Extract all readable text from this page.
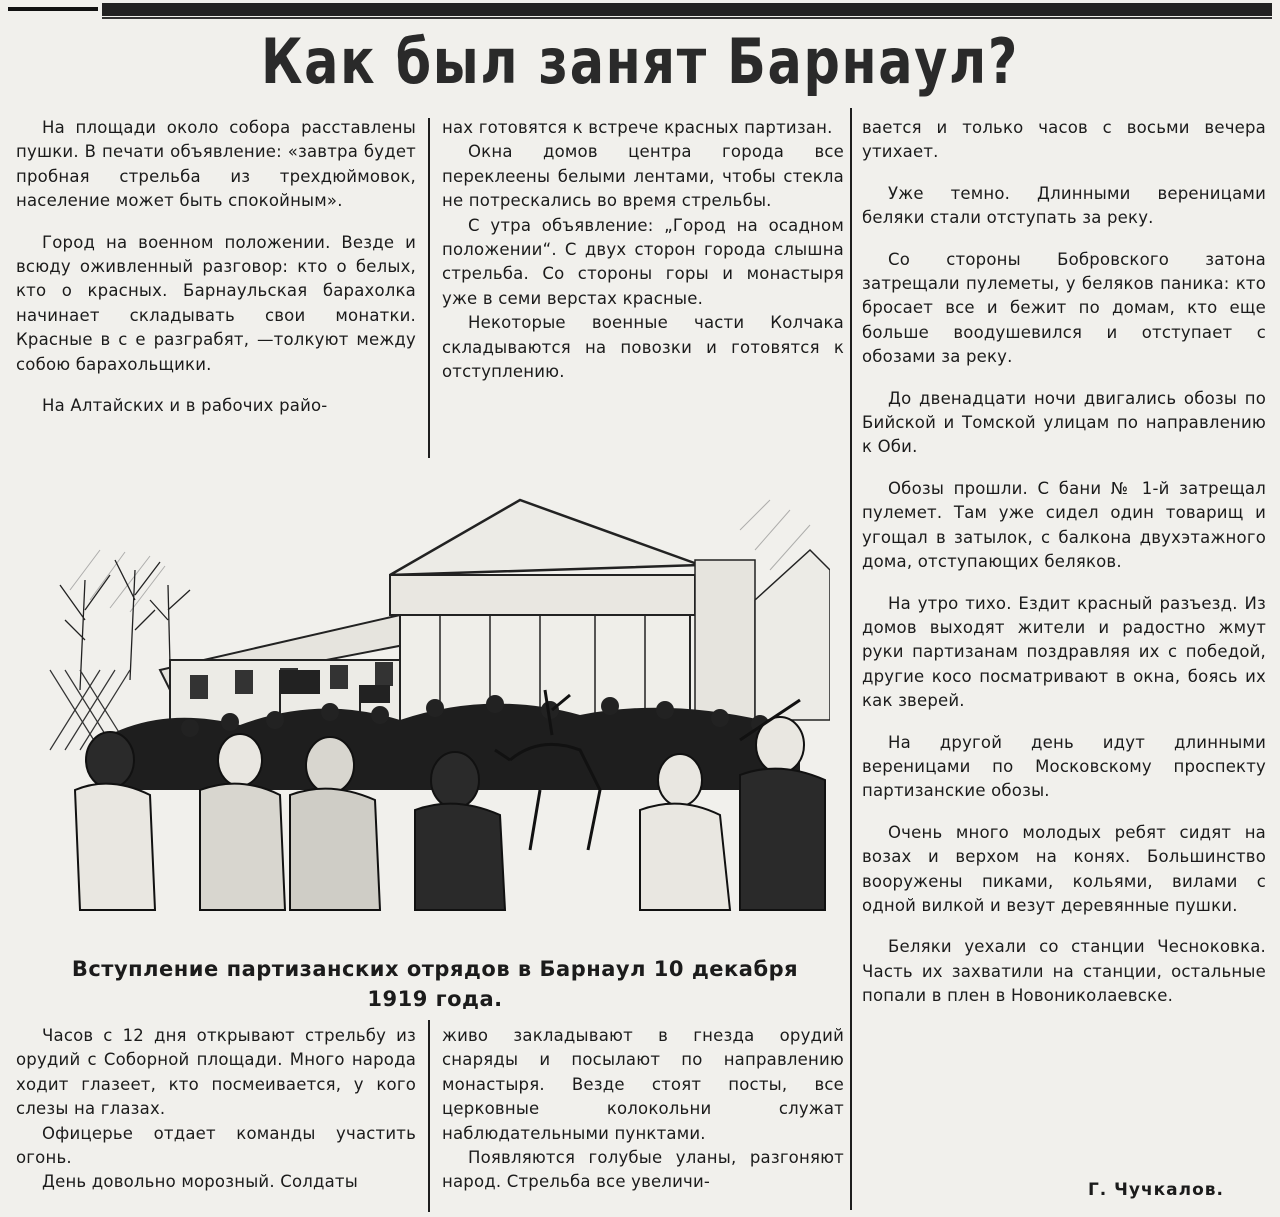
Как был занят Барнаул?

На площади около собора расставлены пушки. В печати объявление: «завтра будет пробная стрельба из трехдюймовок, население может быть спокойным».

Город на военном положении. Везде и всюду оживленный разговор: кто о белых, кто о красных. Барнаульская барахолка начинает складывать свои монатки. Красные в с е разграбят, —толкуют между собою барахольщики.

На Алтайских и в рабочих райо-

нах готовятся к встрече красных партизан.

Окна домов центра города все переклеены белыми лентами, чтобы стекла не потрескались во время стрельбы.

С утра объявление: „Город на осадном положении“. С двух сторон города слышна стрельба. Со стороны горы и монастыря уже в семи верстах красные.

Некоторые военные части Колчака складываются на повозки и готовятся к отступлению.

вается и только часов с восьми вечера утихает.

Уже темно. Длинными вереницами беляки стали отступать за реку.

Со стороны Бобровского затона затрещали пулеметы, у беляков паника: кто бросает все и бежит по домам, кто еще больше воодушевился и отступает с обозами за реку.

До двенадцати ночи двигались обозы по Бийской и Томской улицам по направлению к Оби.

Обозы прошли. С бани № 1-й затрещал пулемет. Там уже сидел один товарищ и угощал в затылок, с балкона двухэтажного дома, отступающих беляков.

На утро тихо. Ездит красный разъезд. Из домов выходят жители и радостно жмут руки партизанам поздравляя их с победой, другие косо посматривают в окна, боясь их как зверей.

На другой день идут длинными вереницами по Московскому проспекту партизанские обозы.

Очень много молодых ребят сидят на возах и верхом на конях. Большинство вооружены пиками, кольями, вилами с одной вилкой и везут деревянные пушки.

Беляки уехали со станции Чесноковка. Часть их захватили на станции, остальные попали в плен в Новониколаевске.

Вступление партизанских отрядов в Барнаул 10 декабря 1919 года.

Часов с 12 дня открывают стрельбу из орудий с Соборной площади. Много народа ходит глазеет, кто посмеивается, у кого слезы на глазах.

Офицерье отдает команды участить огонь.

День довольно морозный. Солдаты

живо закладывают в гнезда орудий снаряды и посылают по направлению монастыря. Везде стоят посты, все церковные колокольни служат наблюдательными пунктами.

Появляются голубые уланы, разгоняют народ. Стрельба все увеличи-	Г. Чучкалов.
